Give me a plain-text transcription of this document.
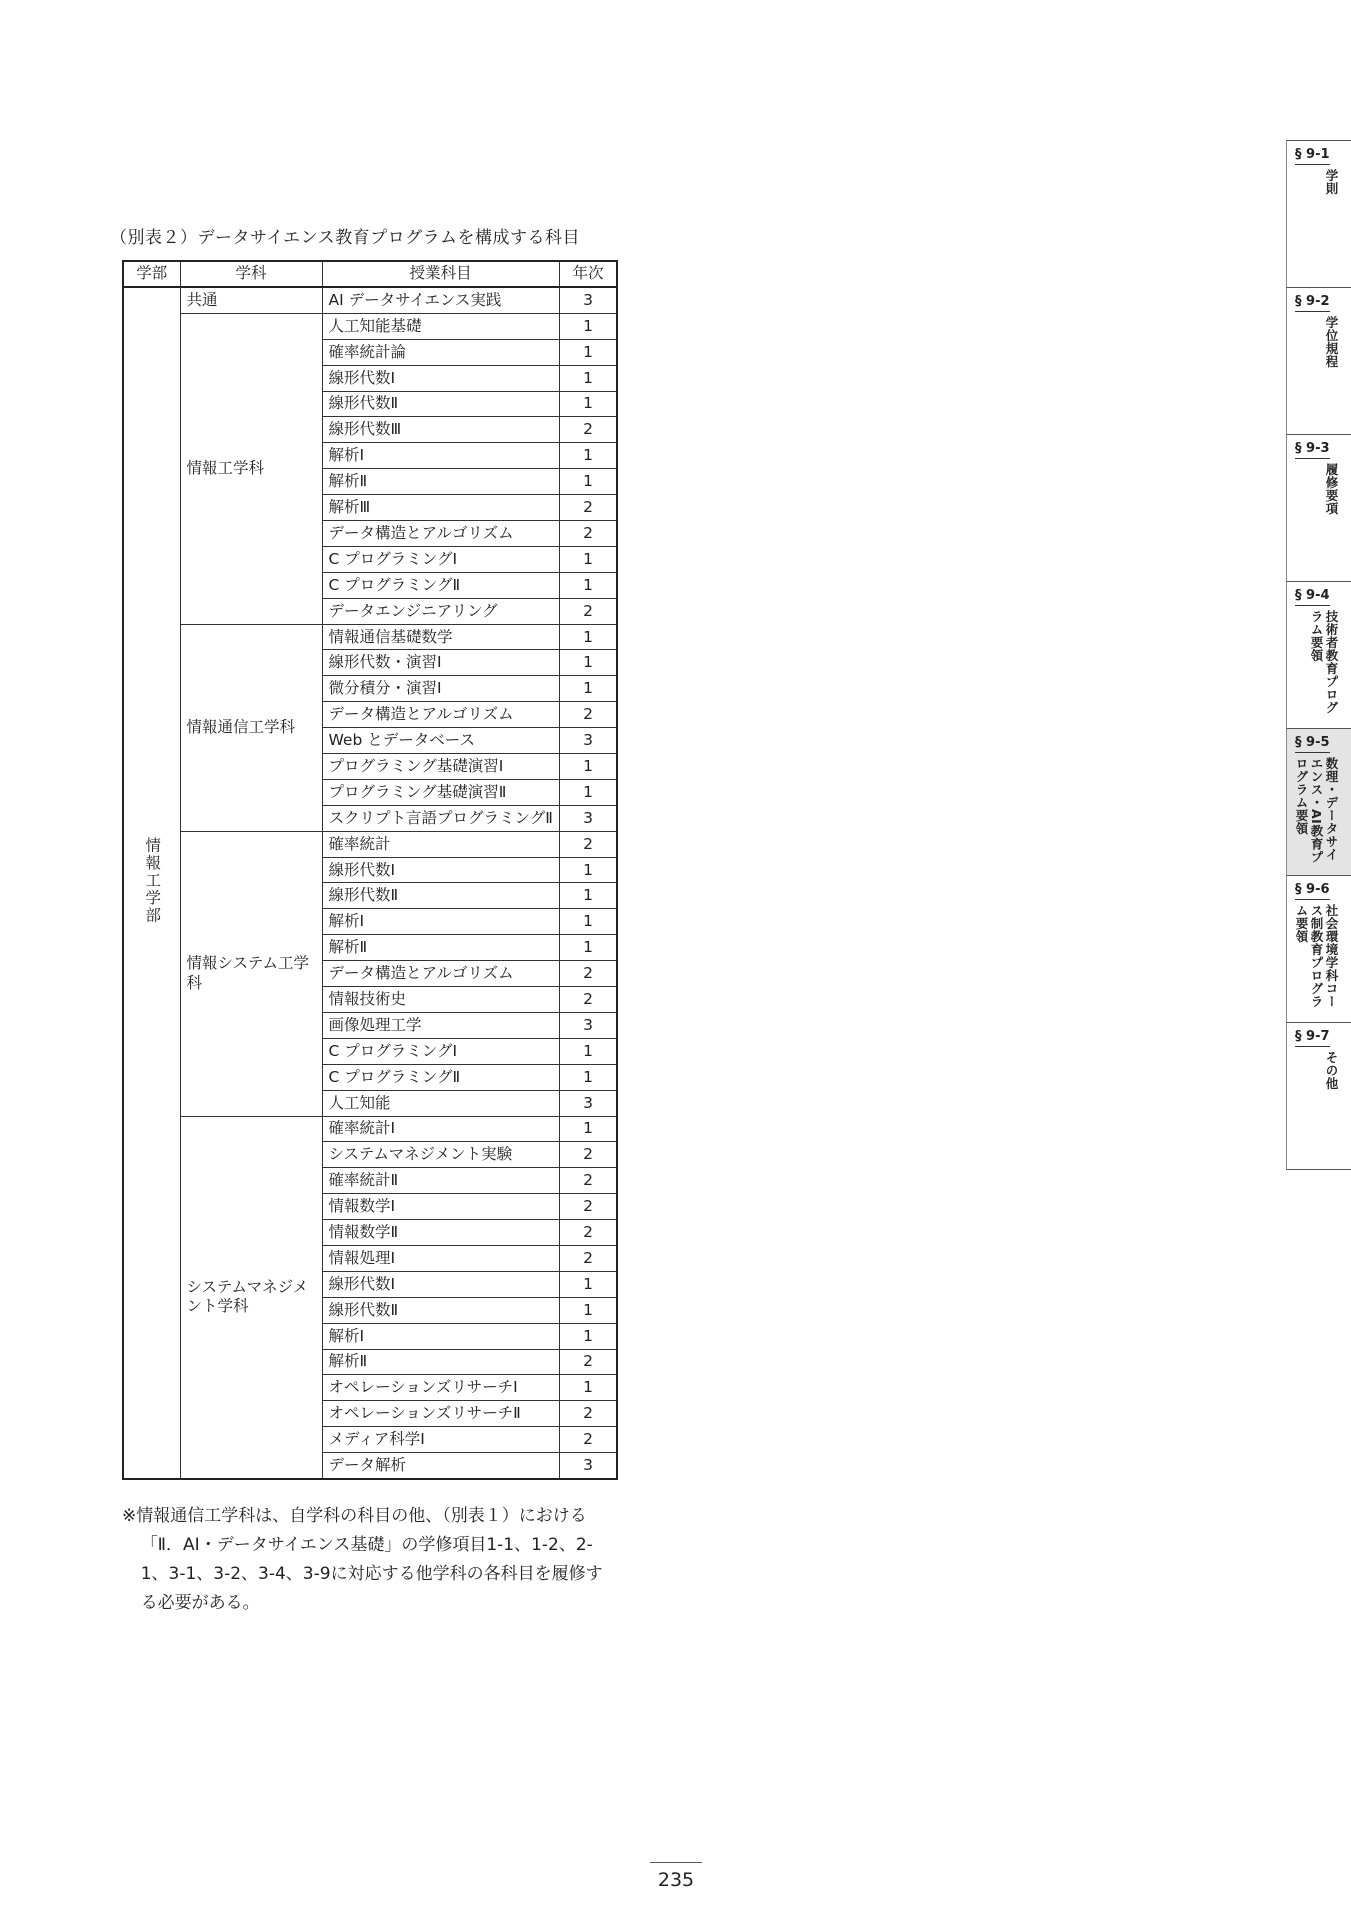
（別表２）データサイエンス教育プログラムを構成する科目
学部	学科	授業科目	年次
情報工学部	共通	AI データサイエンス実践	3
	情報工学科	人工知能基礎	1
		確率統計論	1
		線形代数Ⅰ	1
		線形代数Ⅱ	1
		線形代数Ⅲ	2
		解析Ⅰ	1
		解析Ⅱ	1
		解析Ⅲ	2
		データ構造とアルゴリズム	2
		C プログラミングⅠ	1
		C プログラミングⅡ	1
		データエンジニアリング	2
	情報通信工学科	情報通信基礎数学	1
		線形代数・演習Ⅰ	1
		微分積分・演習Ⅰ	1
		データ構造とアルゴリズム	2
		Web とデータベース	3
		プログラミング基礎演習Ⅰ	1
		プログラミング基礎演習Ⅱ	1
		スクリプト言語プログラミングⅡ	3
	情報システム工学科	確率統計	2
		線形代数Ⅰ	1
		線形代数Ⅱ	1
		解析Ⅰ	1
		解析Ⅱ	1
		データ構造とアルゴリズム	2
		情報技術史	2
		画像処理工学	3
		C プログラミングⅠ	1
		C プログラミングⅡ	1
		人工知能	3
	システムマネジメント学科	確率統計Ⅰ	1
		システムマネジメント実験	2
		確率統計Ⅱ	2
		情報数学Ⅰ	2
		情報数学Ⅱ	2
		情報処理Ⅰ	2
		線形代数Ⅰ	1
		線形代数Ⅱ	1
		解析Ⅰ	1
		解析Ⅱ	2
		オペレーションズリサーチⅠ	1
		オペレーションズリサーチⅡ	2
		メディア科学Ⅰ	2
		データ解析	3
※情報通信工学科は、自学科の科目の他、（別表１）における「Ⅱ．AI・データサイエンス基礎」の学修項目1-1、1-2、2-1、3-1、3-2、3-4、3-9に対応する他学科の各科目を履修する必要がある。
235
§ 9-1
学則
§ 9-2
学位規程
§ 9-3
履修要項
§ 9-4
技術者教育プログラム要領
§ 9-5
数理・データサイエンス・AI教育プログラム要領
§ 9-6
社会環境学科コース制教育プログラム要領
§ 9-7
その他
